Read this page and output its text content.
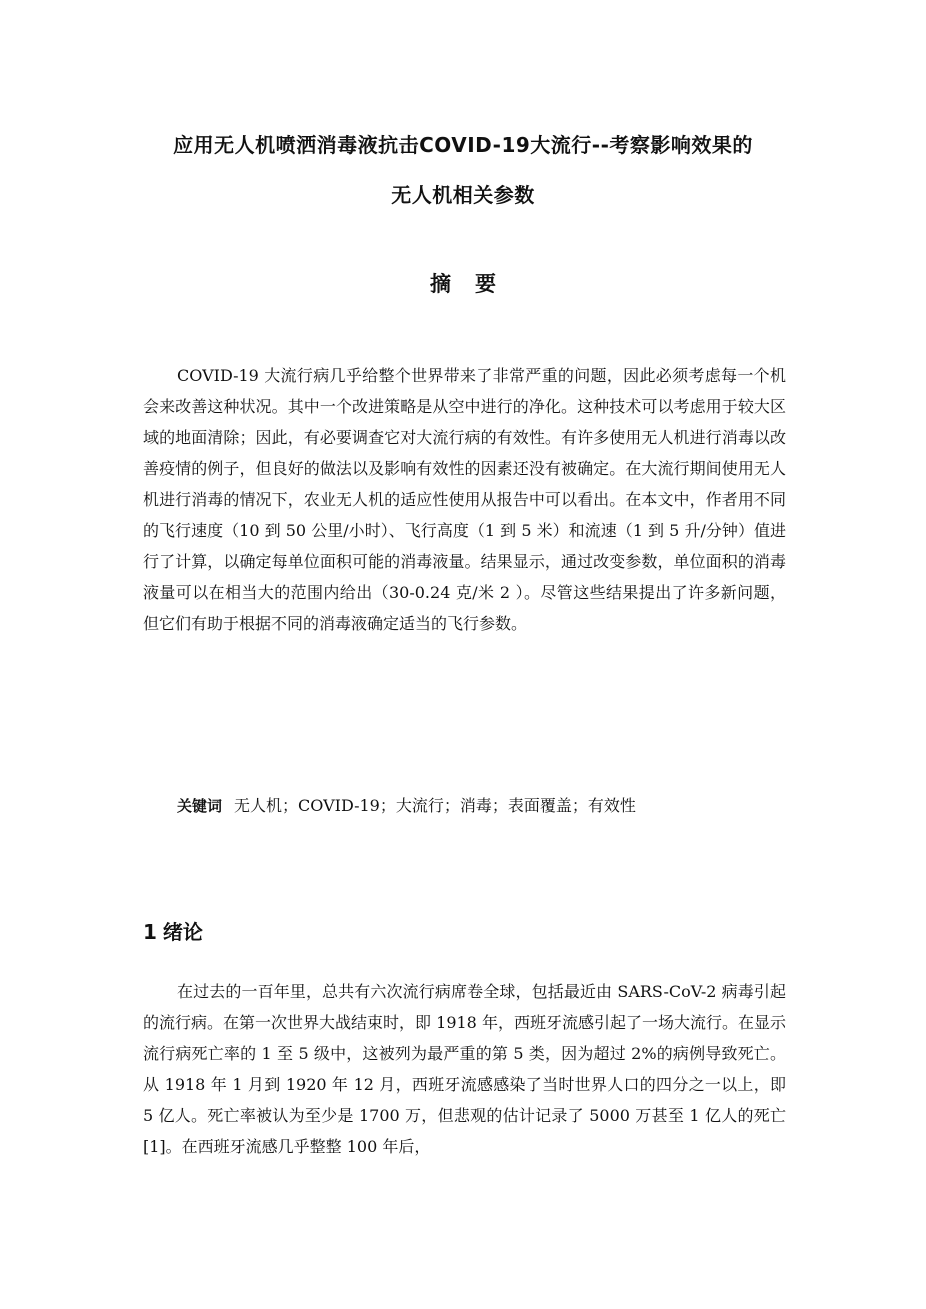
应用无人机喷洒消毒液抗击COVID-19大流行--考察影响效果的
无人机相关参数
摘要

COVID-19 大流行病几乎给整个世界带来了非常严重的问题，因此必须考虑每一个机会来改善这种状况。其中一个改进策略是从空中进行的净化。这种技术可以考虑用于较大区域的地面清除；因此，有必要调查它对大流行病的有效性。有许多使用无人机进行消毒以改善疫情的例子，但良好的做法以及影响有效性的因素还没有被确定。在大流行期间使用无人机进行消毒的情况下，农业无人机的适应性使用从报告中可以看出。在本文中，作者用不同的飞行速度（10 到 50 公里/小时）、飞行高度（1 到 5 米）和流速（1 到 5 升/分钟）值进行了计算，以确定每单位面积可能的消毒液量。结果显示，通过改变参数，单位面积的消毒液量可以在相当大的范围内给出（30-0.24 克/米 2 ）。尽管这些结果提出了许多新问题，但它们有助于根据不同的消毒液确定适当的飞行参数。

关键词 无人机；COVID-19；大流行；消毒；表面覆盖；有效性
1 绪论

在过去的一百年里，总共有六次流行病席卷全球，包括最近由 SARS-CoV-2 病毒引起的流行病。在第一次世界大战结束时，即 1918 年，西班牙流感引起了一场大流行。在显示流行病死亡率的 1 至 5 级中，这被列为最严重的第 5 类，因为超过 2%的病例导致死亡。从 1918 年 1 月到 1920 年 12 月，西班牙流感感染了当时世界人口的四分之一以上，即 5 亿人。死亡率被认为至少是 1700 万，但悲观的估计记录了 5000 万甚至 1 亿人的死亡[1]。在西班牙流感几乎整整 100 年后，
